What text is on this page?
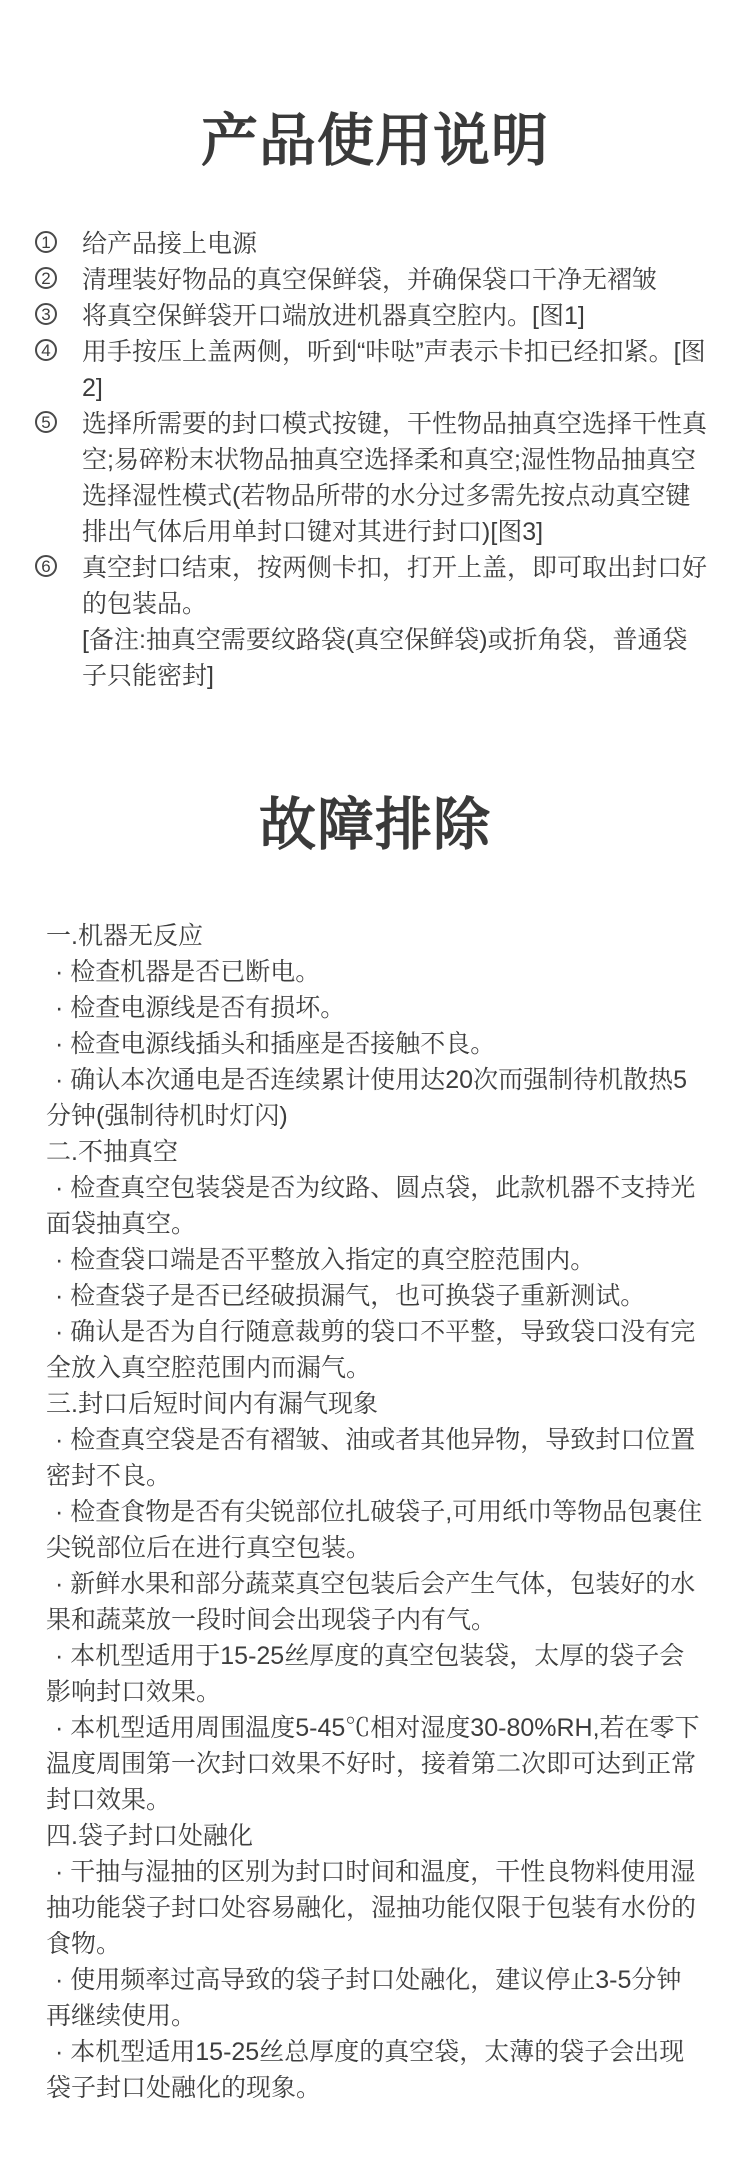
产品使用说明
1 给产品接上电源

2 清理装好物品的真空保鲜袋，并确保袋口干净无褶皱

3 将真空保鲜袋开口端放进机器真空腔内。[图1]

4 用手按压上盖两侧，听到“咔哒”声表示卡扣已经扣紧。[图2]

5 选择所需要的封口模式按键，干性物品抽真空选择干性真空;易碎粉末状物品抽真空选择柔和真空;湿性物品抽真空选择湿性模式(若物品所带的水分过多需先按点动真空键排出气体后用单封口键对其进行封口)[图3]

6 真空封口结束，按两侧卡扣，打开上盖，即可取出封口好的包装品。

[备注:抽真空需要纹路袋(真空保鲜袋)或折角袋，普通袋子只能密封]

故障排除

一.机器无反应

· 检查机器是否已断电。

· 检查电源线是否有损坏。

· 检查电源线插头和插座是否接触不良。

· 确认本次通电是否连续累计使用达20次而强制待机散热5分钟(强制待机时灯闪)

二.不抽真空

· 检查真空包装袋是否为纹路、圆点袋，此款机器不支持光面袋抽真空。

· 检查袋口端是否平整放入指定的真空腔范围内。

· 检查袋子是否已经破损漏气，也可换袋子重新测试。

· 确认是否为自行随意裁剪的袋口不平整，导致袋口没有完全放入真空腔范围内而漏气。

三.封口后短时间内有漏气现象

· 检查真空袋是否有褶皱、油或者其他异物，导致封口位置密封不良。

· 检查食物是否有尖锐部位扎破袋子,可用纸巾等物品包裹住尖锐部位后在进行真空包装。

· 新鲜水果和部分蔬菜真空包装后会产生气体，包装好的水果和蔬菜放一段时间会出现袋子内有气。

· 本机型适用于15-25丝厚度的真空包装袋，太厚的袋子会影响封口效果。

· 本机型适用周围温度5-45℃相对湿度30-80%RH,若在零下温度周围第一次封口效果不好时，接着第二次即可达到正常封口效果。

四.袋子封口处融化

· 干抽与湿抽的区别为封口时间和温度，干性良物料使用湿抽功能袋子封口处容易融化，湿抽功能仅限于包装有水份的食物。

· 使用频率过高导致的袋子封口处融化，建议停止3-5分钟再继续使用。

· 本机型适用15-25丝总厚度的真空袋，太薄的袋子会出现袋子封口处融化的现象。
